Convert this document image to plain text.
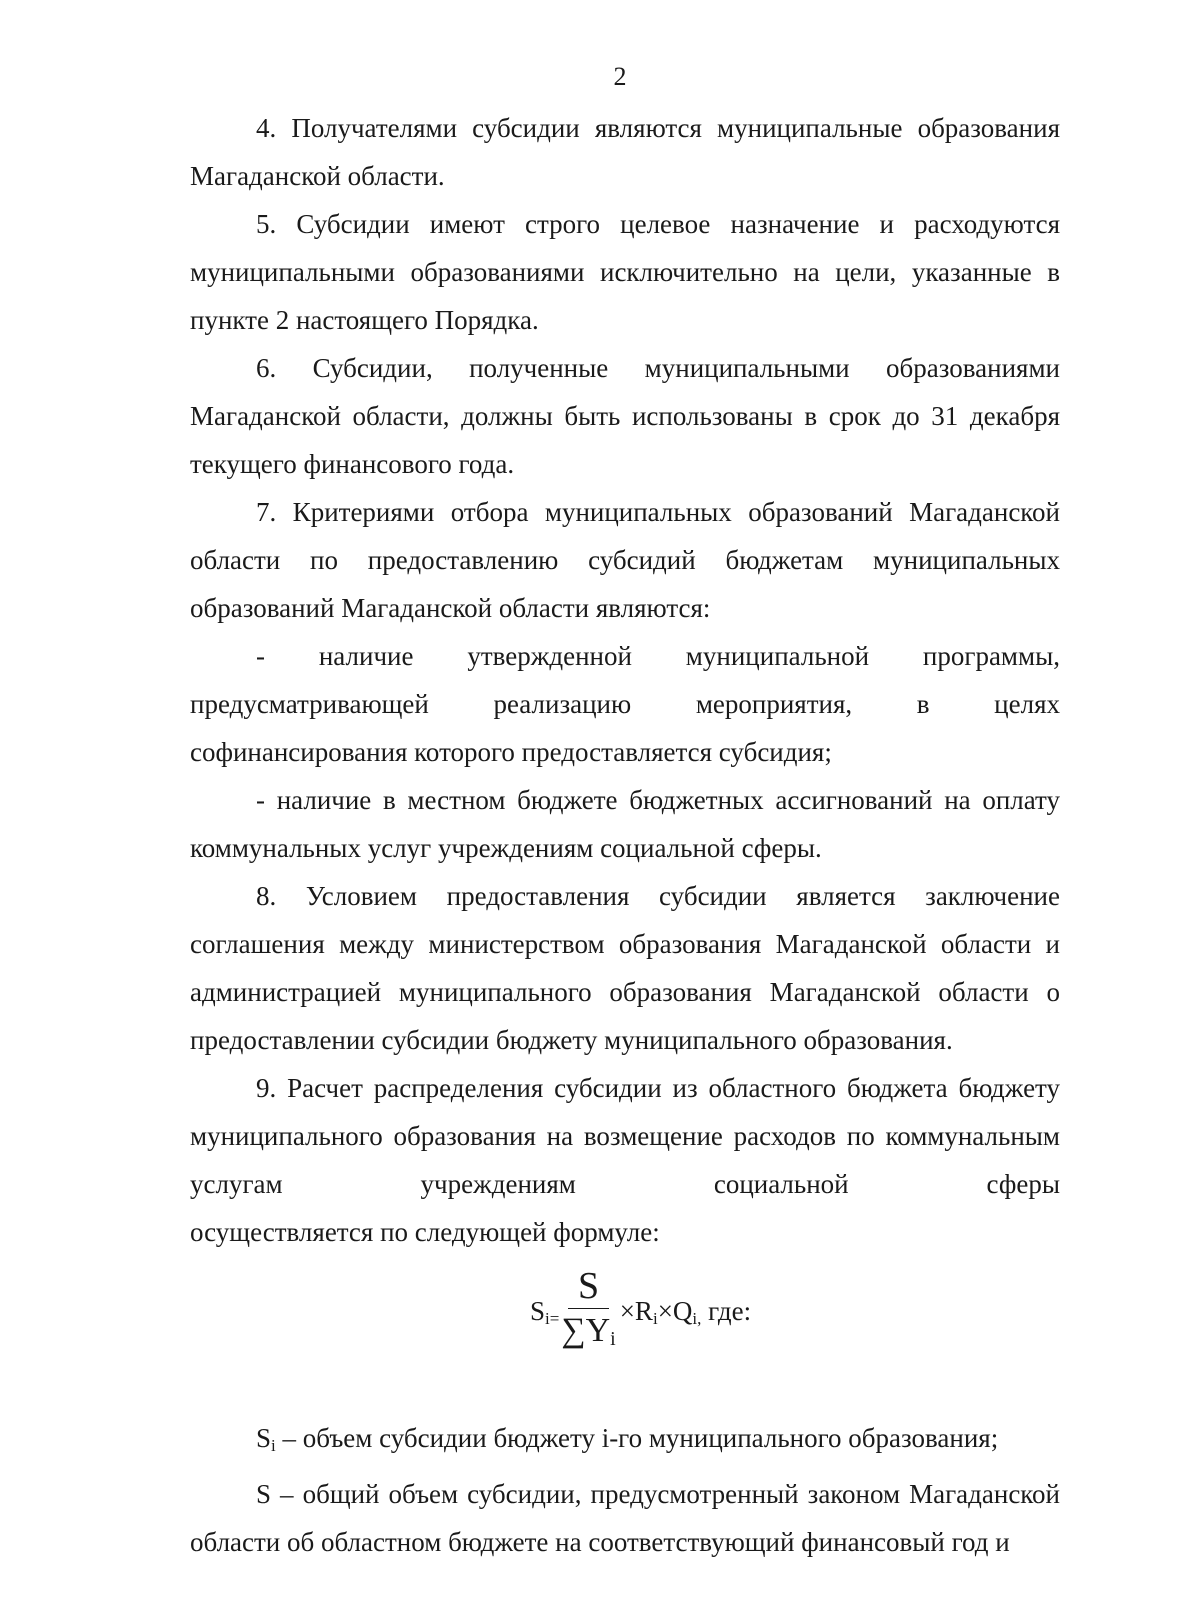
2

4. Получателями субсидии являются муниципальные образования Магаданской области.

5. Субсидии имеют строго целевое назначение и расходуются муниципальными образованиями исключительно на цели, указанные в пункте 2 настоящего Порядка.

6. Субсидии, полученные муниципальными образованиями Магаданской области, должны быть использованы в срок до 31 декабря текущего финансового года.

7. Критериями отбора муниципальных образований Магаданской области по предоставлению субсидий бюджетам муниципальных образований Магаданской области являются:

- наличие утвержденной муниципальной программы, предусматривающей реализацию мероприятия, в целях

софинансирования которого предоставляется субсидия;

- наличие в местном бюджете бюджетных ассигнований на оплату коммунальных услуг учреждениям социальной сферы.

8. Условием предоставления субсидии является заключение соглашения между министерством образования Магаданской области и администрацией муниципального образования Магаданской области о предоставлении субсидии бюджету муниципального образования.

9. Расчет распределения субсидии из областного бюджета бюджету муниципального образования на возмещение расходов по коммунальным услугам учреждениям социальной сферы

осуществляется по следующей формуле:

$S_{i=} \frac{S}{\sum Y_i} \times R_i\times Q_{i,}$ где:

$S_i$ – объем субсидии бюджету i-го муниципального образования;

S – общий объем субсидии, предусмотренный законом Магаданской области об областном бюджете на соответствующий финансовый год и
